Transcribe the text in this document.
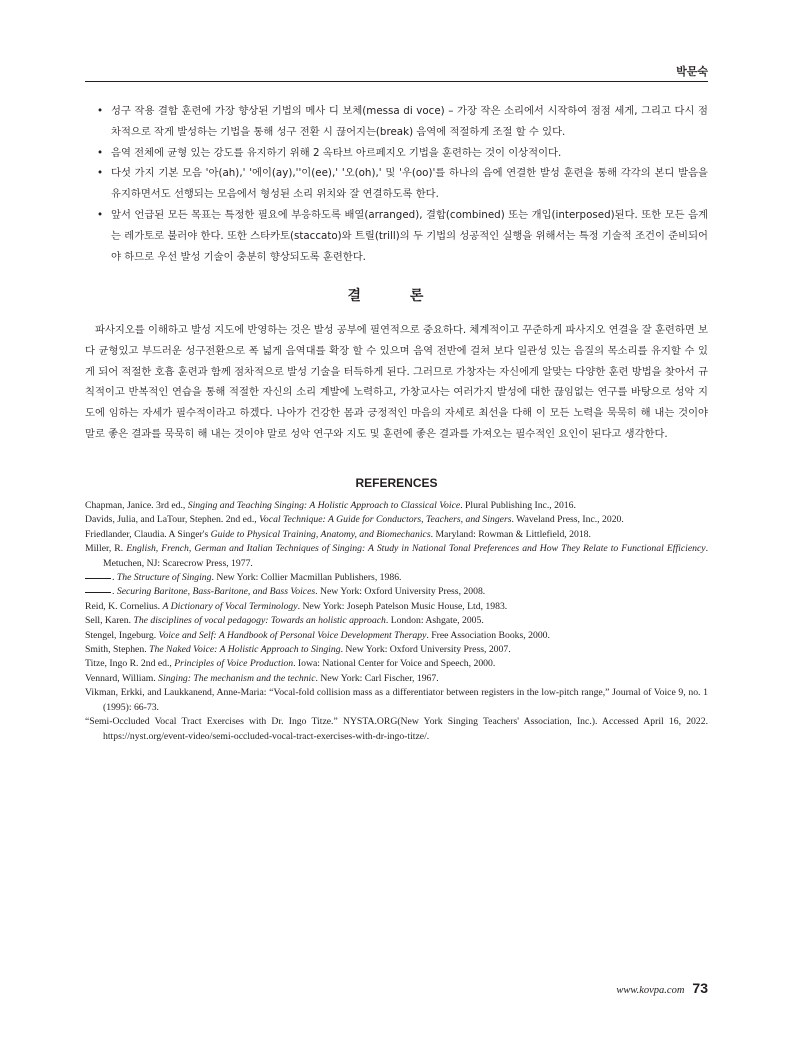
박문숙
• 성구 작용 결합 훈련에 가장 향상된 기법의 메사 디 보체(messa di voce) – 가장 작은 소리에서 시작하여 점점 세게, 그리고 다시 점차적으로 작게 발성하는 기법을 통해 성구 전환 시 끊어지는(break) 음역에 적절하게 조절 할 수 있다.
• 음역 전체에 균형 있는 강도를 유지하기 위해 2 옥타브 아르페지오 기법을 훈련하는 것이 이상적이다.
• 다섯 가지 기본 모음 '아(ah),' '에이(ay),''이(ee),' '오(oh),' 및 '우(oo)'를 하나의 음에 연결한 발성 훈련을 통해 각각의 본디 발음을 유지하면서도 선행되는 모음에서 형성된 소리 위치와 잘 연결하도록 한다.
• 앞서 언급된 모든 목표는 특정한 필요에 부응하도록 배열(arranged), 결합(combined) 또는 개입(interposed)된다. 또한 모든 음계는 레가토로 불러야 한다. 또한 스타카토(staccato)와 트릴(trill)의 두 기법의 성공적인 실행을 위해서는 특정 기술적 조건이 준비되어야 하므로 우선 발성 기술이 충분히 향상되도록 훈련한다.
결 론

파사지오를 이해하고 발성 지도에 반영하는 것은 발성 공부에 필연적으로 중요하다. 체계적이고 꾸준하게 파사지오 연결을 잘 훈련하면 보다 균형있고 부드러운 성구전환으로 폭 넓게 음역대를 확장 할 수 있으며 음역 전반에 걸쳐 보다 일관성 있는 음질의 목소리를 유지할 수 있게 되어 적절한 호흡 훈련과 함께 점차적으로 발성 기술을 터득하게 된다. 그러므로 가창자는 자신에게 알맞는 다양한 훈련 방법을 찾아서 규칙적이고 반복적인 연습을 통해 적절한 자신의 소리 계발에 노력하고, 가창교사는 여러가지 발성에 대한 끊임없는 연구를 바탕으로 성악 지도에 임하는 자세가 필수적이라고 하겠다. 나아가 건강한 몸과 긍정적인 마음의 자세로 최선을 다해 이 모든 노력을 묵묵히 해 내는 것이야 말로 좋은 결과를 묵묵히 해 내는 것이야 말로 성악 연구와 지도 및 훈련에 좋은 결과를 가져오는 필수적인 요인이 된다고 생각한다.

REFERENCES
Chapman, Janice. 3rd ed., Singing and Teaching Singing: A Holistic Approach to Classical Voice. Plural Publishing Inc., 2016.
Davids, Julia, and LaTour, Stephen. 2nd ed., Vocal Technique: A Guide for Conductors, Teachers, and Singers. Waveland Press, Inc., 2020.
Friedlander, Claudia. A Singer's Guide to Physical Training, Anatomy, and Biomechanics. Maryland: Rowman & Littlefield, 2018.
Miller, R. English, French, German and Italian Techniques of Singing: A Study in National Tonal Preferences and How They Relate to Functional Efficiency. Metuchen, NJ: Scarecrow Press, 1977.
. The Structure of Singing. New York: Collier Macmillan Publishers, 1986.
. Securing Baritone, Bass-Baritone, and Bass Voices. New York: Oxford University Press, 2008.
Reid, K. Cornelius. A Dictionary of Vocal Terminology. New York: Joseph Patelson Music House, Ltd, 1983.
Sell, Karen. The disciplines of vocal pedagogy: Towards an holistic approach. London: Ashgate, 2005.
Stengel, Ingeburg. Voice and Self: A Handbook of Personal Voice Development Therapy. Free Association Books, 2000.
Smith, Stephen. The Naked Voice: A Holistic Approach to Singing. New York: Oxford University Press, 2007.
Titze, Ingo R. 2nd ed., Principles of Voice Production. Iowa: National Center for Voice and Speech, 2000.
Vennard, William. Singing: The mechanism and the technic. New York: Carl Fischer, 1967.
Vikman, Erkki, and Laukkanend, Anne-Maria: “Vocal-fold collision mass as a differentiator between registers in the low-pitch range,” Journal of Voice 9, no. 1 (1995): 66-73.
“Semi-Occluded Vocal Tract Exercises with Dr. Ingo Titze.” NYSTA.ORG(New York Singing Teachers' Association, Inc.). Accessed April 16, 2022. https://nyst.org/event-video/semi-occluded-vocal-tract-exercises-with-dr-ingo-titze/.
www.kovpa.com 73
